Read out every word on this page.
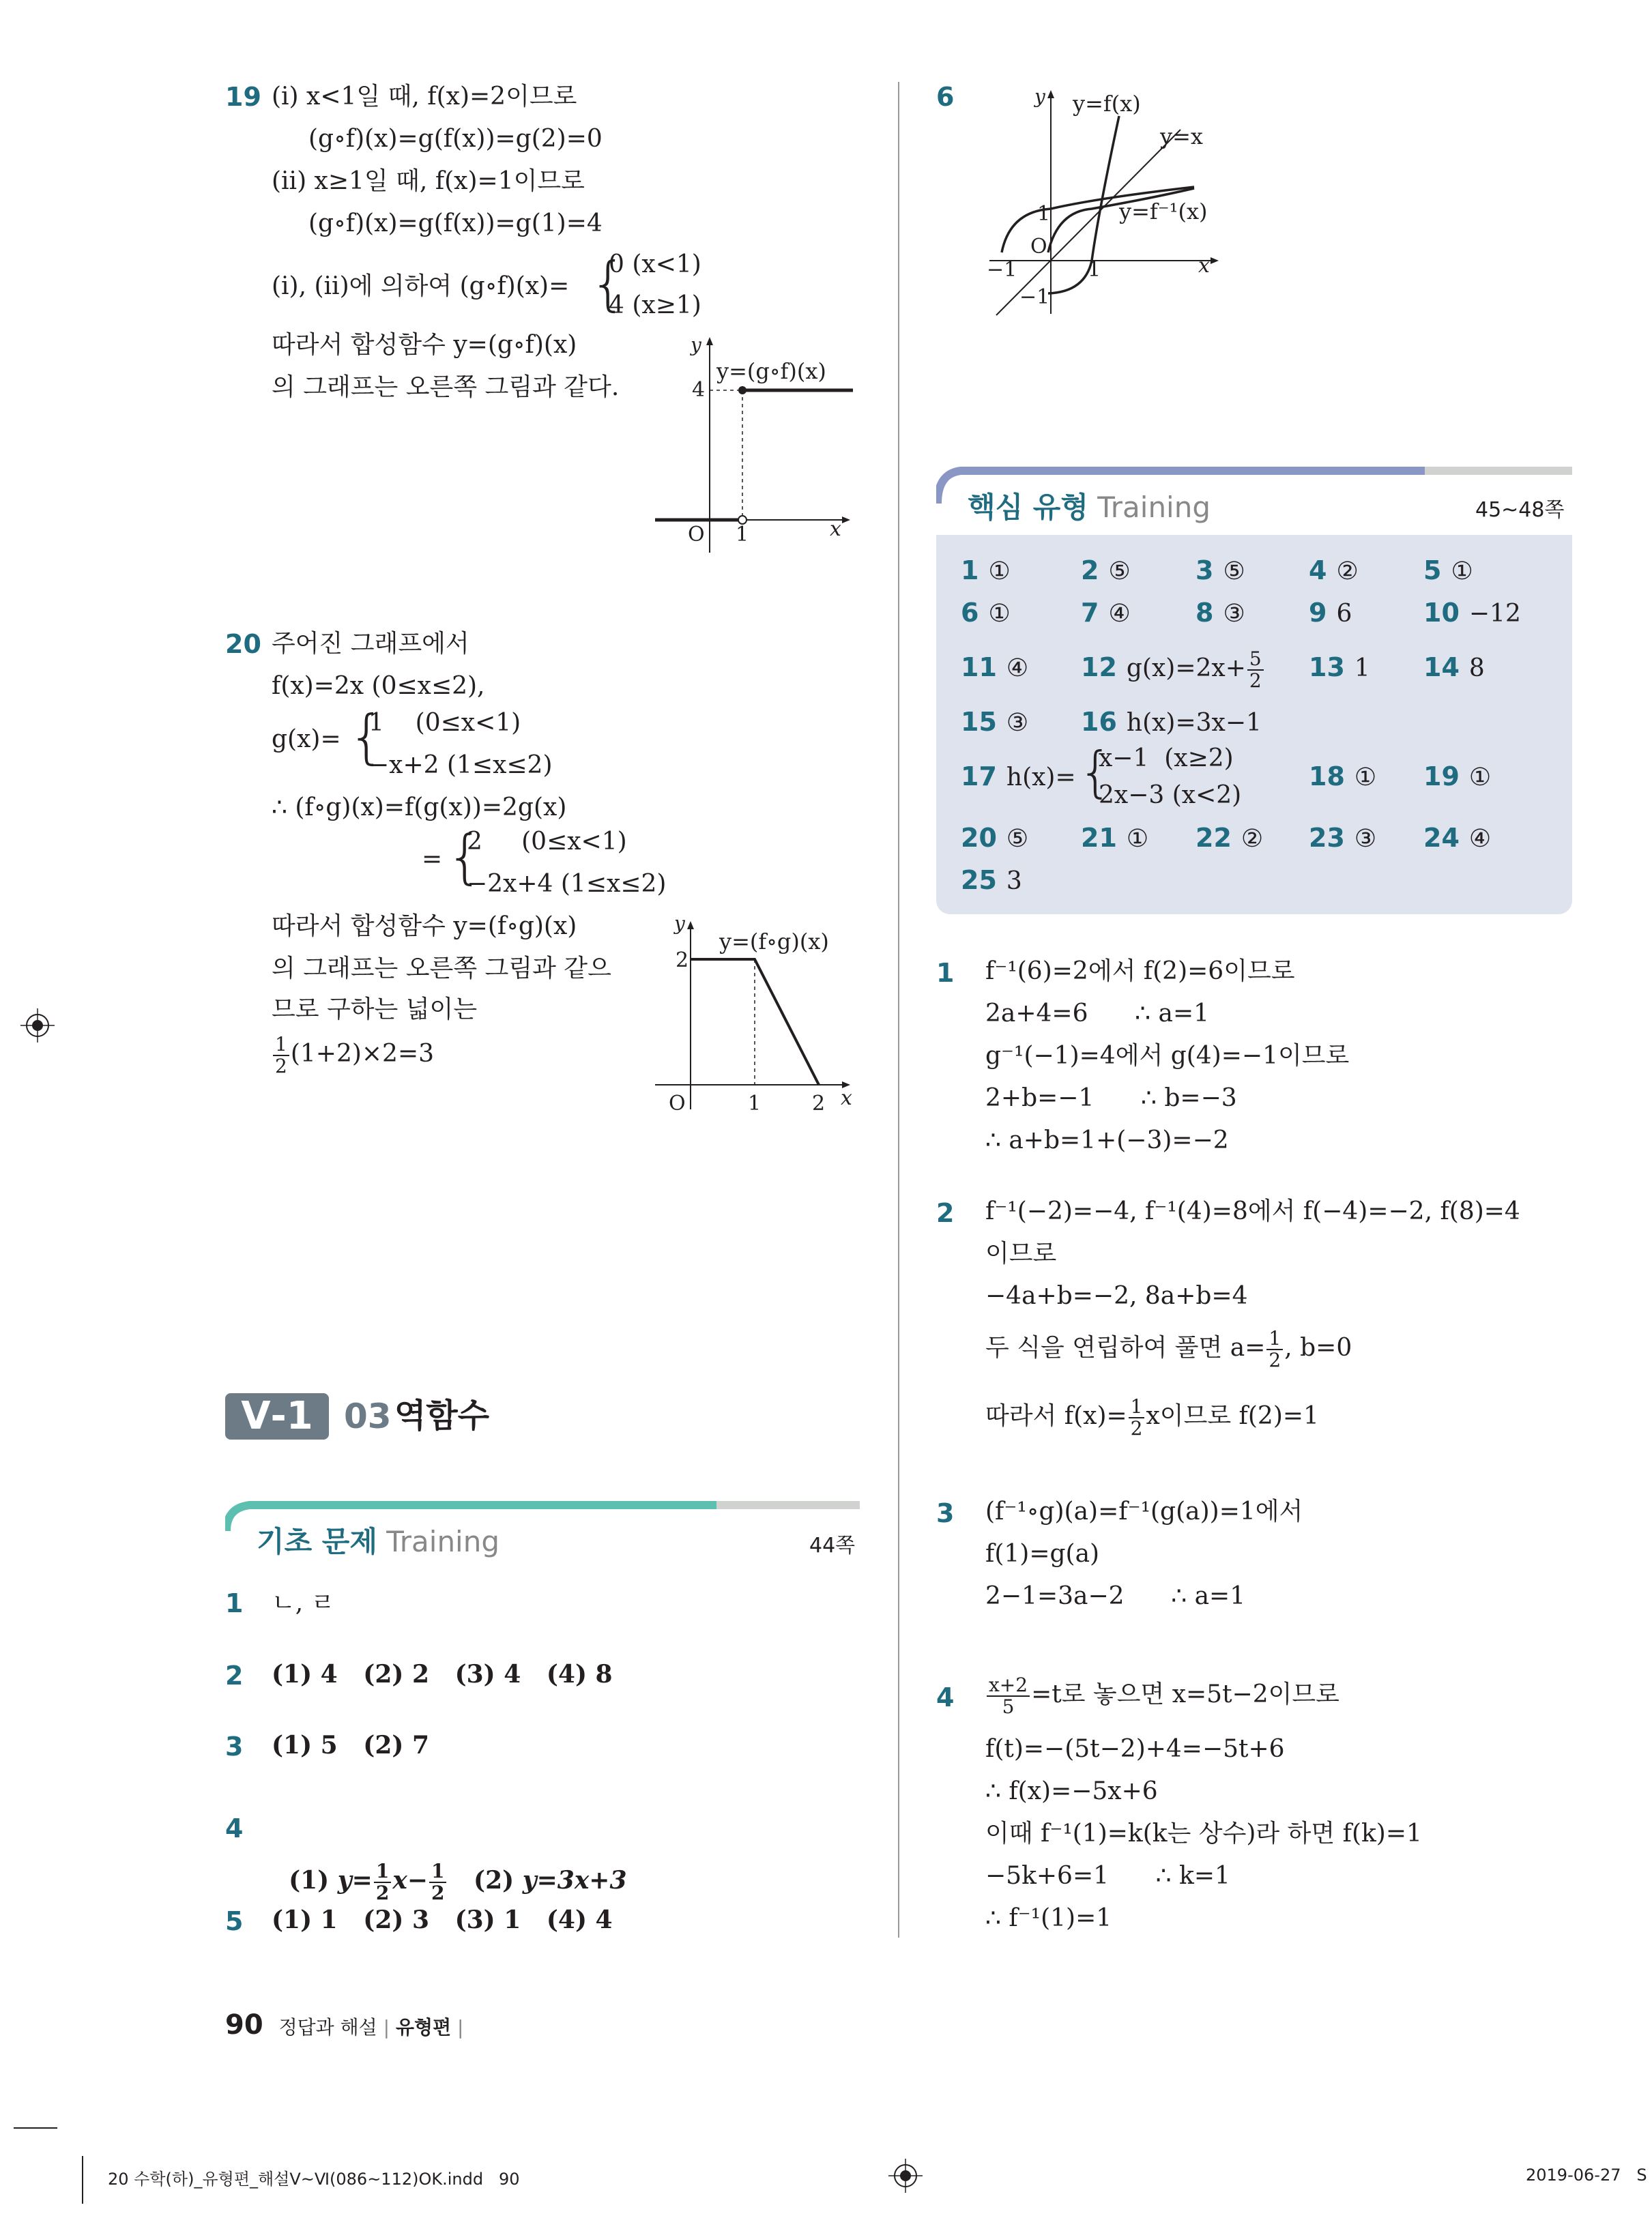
19 (ⅰ) x<1일 때, f(x)=2이므로
(g∘f)(x)=g(f(x))=g(2)=0
(ⅱ) x≥1일 때, f(x)=1이므로
(g∘f)(x)=g(f(x))=g(1)=4
(ⅰ), (ⅱ)에 의하여 (g∘f)(x)= {
0 (x<1)
4 (x≥1)
따라서 합성함수 y=(g∘f)(x)
의 그래프는 오른쪽 그림과 같다.
y=(g∘f)(x)
y
4
O 1	x
20 주어진 그래프에서
f(x)=2x (0≤x≤2),
g(x)= {
1    (0≤x<1)
−x+2 (1≤x≤2)
∴ (f∘g)(x)=f(g(x))=2g(x)
= {
2     (0≤x<1)
−2x+4 (1≤x≤2)
따라서 합성함수 y=(f∘g)(x)
의 그래프는 오른쪽 그림과 같으
므로 구하는 넓이는
$\frac{1}{2} (1+2)\times 2=3$
y=(f∘g)(x)
y
2
O	1 2 x
Ⅴ-1 03 역함수
기초 문제 Training	44쪽
1 ㄴ, ㄹ
2 (1) 4   (2) 2   (3) 4   (4) 8
3 (1) 5   (2) 7
4

(1) $y= \frac{1}{2} x- \frac{1}{2} (2)$ y=3x+3

5 (1) 1   (2) 3   (3) 1   (4) 4
6	y=f(x)
y=x
y=f⁻¹(x)
y
1
O
−1	1
−1
x
핵심 유형 Training	45~48쪽
1 ①	2 ⑤	3 ⑤ 4 ②	5 ①
6 ①	7 ④	8 ③ 9 6	10 −12
11 ④ 12 $g(x)=2x+ \frac{5}{2} 13$ 1 14 8
15 ③ 16 h(x)=3x−1
17 h(x)= {
x−1  (x≥2)
2x−3 (x<2)
18 ① 19 ①
20 ⑤ 21 ① 22 ② 23 ③ 24 ④
25 3
1 f⁻¹(6)=2에서 f(2)=6이므로
2a+4=6      ∴ a=1
g⁻¹(−1)=4에서 g(4)=−1이므로
2+b=−1      ∴ b=−3
∴ a+b=1+(−3)=−2
2 f⁻¹(−2)=−4, f⁻¹(4)=8에서 f(−4)=−2, f(8)=4
이므로
−4a+b=−2, 8a+b=4
두 식을 연립하여 풀면 $a= \frac{1}{2}$ , b=0
따라서 $f(x)= \frac{1}{2}$ x이므로 f(2)=1
3 (f⁻¹∘g)(a)=f⁻¹(g(a))=1에서
f(1)=g(a)
2−1=3a−2      ∴ a=1
$4 \frac{x+2}{5} =t$로 놓으면 x=5t−2이므로
f(t)=−(5t−2)+4=−5t+6
∴ f(x)=−5x+6
이때 f⁻¹(1)=k(k는 상수)라 하면 f(k)=1
−5k+6=1      ∴ k=1
∴ f⁻¹(1)=1
90 정답과 해설 | 유형편 |
20 수학(하)_유형편_해설Ⅴ~Ⅵ(086~112)OK.indd   90	2019-06-27   S
